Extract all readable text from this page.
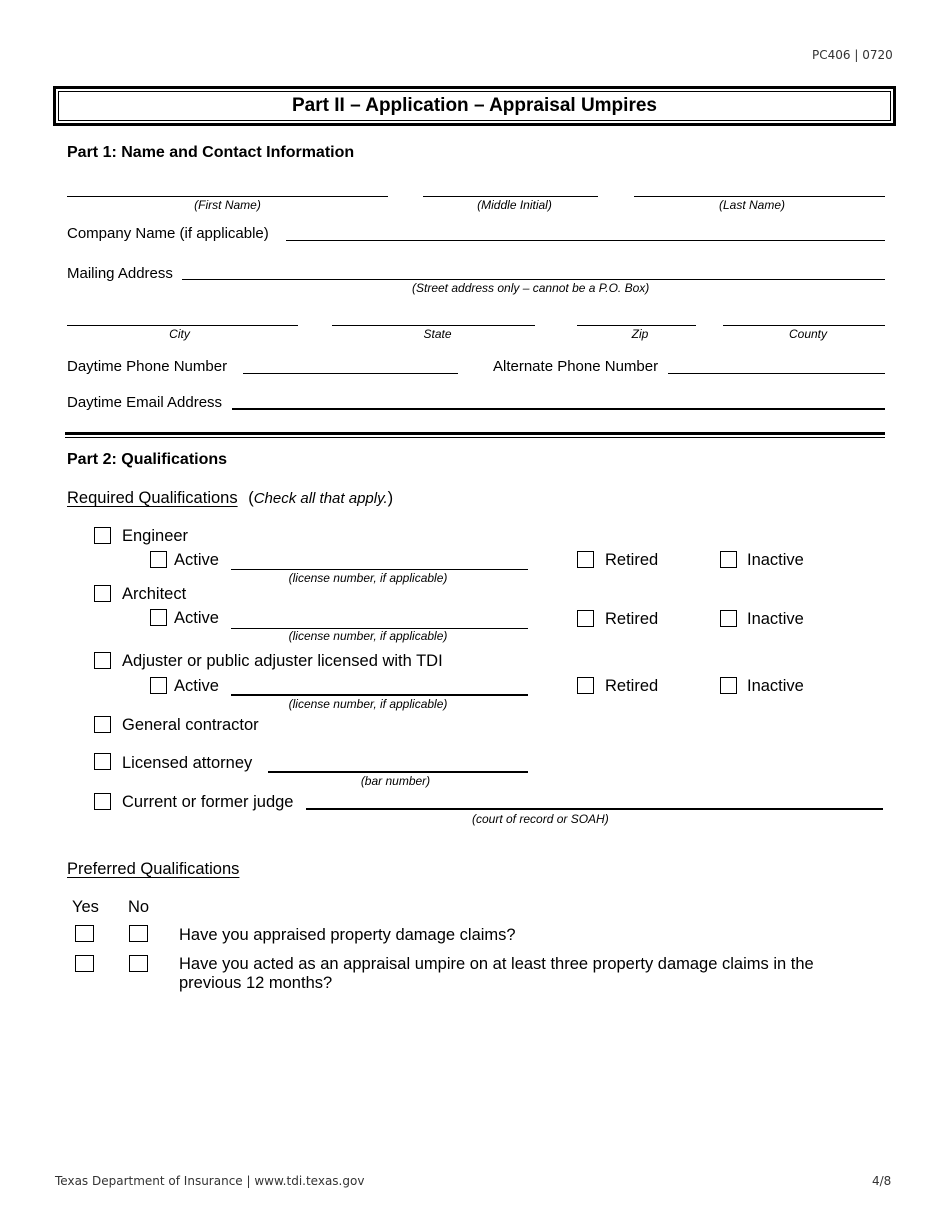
PC406 | 0720
Part II – Application – Appraisal Umpires
Part 1: Name and Contact Information
(First Name)	(Middle Initial)	(Last Name)
Company Name (if applicable)
Mailing Address
(Street address only – cannot be a P.O. Box)
City	State	Zip	County
Daytime Phone Number	Alternate Phone Number
Daytime Email Address
Part 2: Qualifications
Required Qualifications (Check all that apply.)
Engineer
Active
(license number, if applicable)
Retired	Inactive
Architect
Active
(license number, if applicable)
Retired	Inactive
Adjuster or public adjuster licensed with TDI
Active
(license number, if applicable)
Retired	Inactive
General contractor
Licensed attorney
(bar number)
Current or former judge
(court of record or SOAH)
Preferred Qualifications
Yes No
Have you appraised property damage claims?
Have you acted as an appraisal umpire on at least three property damage claims in the
previous 12 months?
Texas Department of Insurance | www.tdi.texas.gov	4/8
